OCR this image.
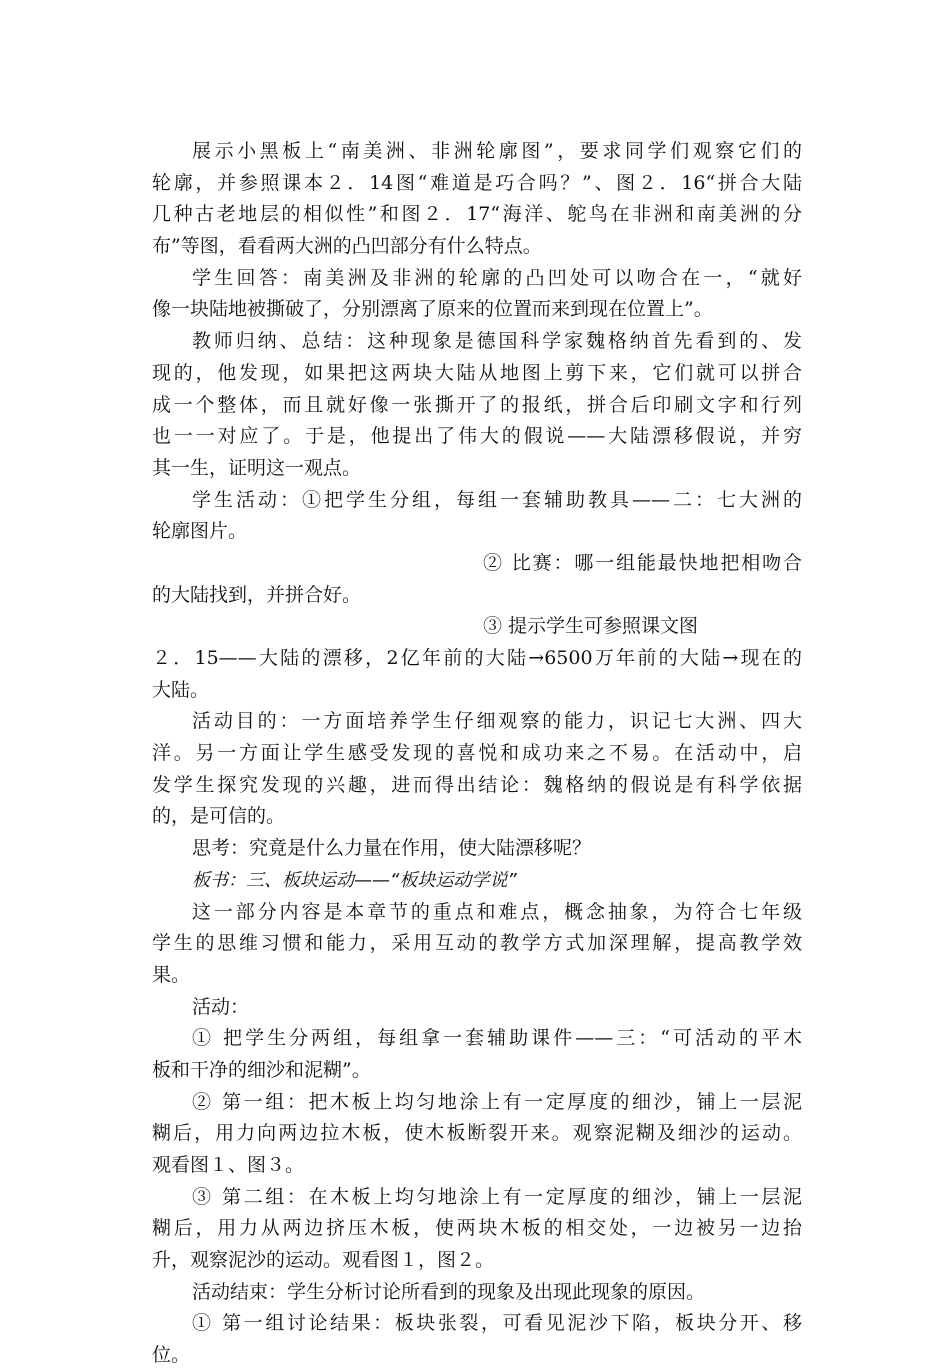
展示小黑板上“南美洲、非洲轮廓图”，要求同学们观察它们的
轮廓，并参照课本２．14图“难道是巧合吗？”、图２．16“拼合大陆
几种古老地层的相似性”和图２．17“海洋、鸵鸟在非洲和南美洲的分
布”等图，看看两大洲的凸凹部分有什么特点。
学生回答：南美洲及非洲的轮廓的凸凹处可以吻合在一，“就好
像一块陆地被撕破了，分别漂离了原来的位置而来到现在位置上”。
教师归纳、总结：这种现象是德国科学家魏格纳首先看到的、发
现的，他发现，如果把这两块大陆从地图上剪下来，它们就可以拼合
成一个整体，而且就好像一张撕开了的报纸，拼合后印刷文字和行列
也一一对应了。于是，他提出了伟大的假说——大陆漂移假说，并穷
其一生，证明这一观点。
学生活动：①把学生分组，每组一套辅助教具——二：七大洲的
轮廓图片。
② 比赛：哪一组能最快地把相吻合
的大陆找到，并拼合好。
③ 提示学生可参照课文图
２．15——大陆的漂移，2亿年前的大陆→6500万年前的大陆→现在的
大陆。
活动目的：一方面培养学生仔细观察的能力，识记七大洲、四大
洋。另一方面让学生感受发现的喜悦和成功来之不易。在活动中，启
发学生探究发现的兴趣，进而得出结论：魏格纳的假说是有科学依据
的，是可信的。
思考：究竟是什么力量在作用，使大陆漂移呢？
板书：三、板块运动——“板块运动学说”
这一部分内容是本章节的重点和难点，概念抽象，为符合七年级
学生的思维习惯和能力，采用互动的教学方式加深理解，提高教学效
果。
活动：
① 把学生分两组，每组拿一套辅助课件——三：“可活动的平木
板和干净的细沙和泥糊”。
② 第一组：把木板上均匀地涂上有一定厚度的细沙，铺上一层泥
糊后，用力向两边拉木板，使木板断裂开来。观察泥糊及细沙的运动。
观看图１、图３。
③ 第二组：在木板上均匀地涂上有一定厚度的细沙，铺上一层泥
糊后，用力从两边挤压木板，使两块木板的相交处，一边被另一边抬
升，观察泥沙的运动。观看图１，图２。
活动结束：学生分析讨论所看到的现象及出现此现象的原因。
① 第一组讨论结果：板块张裂，可看见泥沙下陷，板块分开、移
位。
